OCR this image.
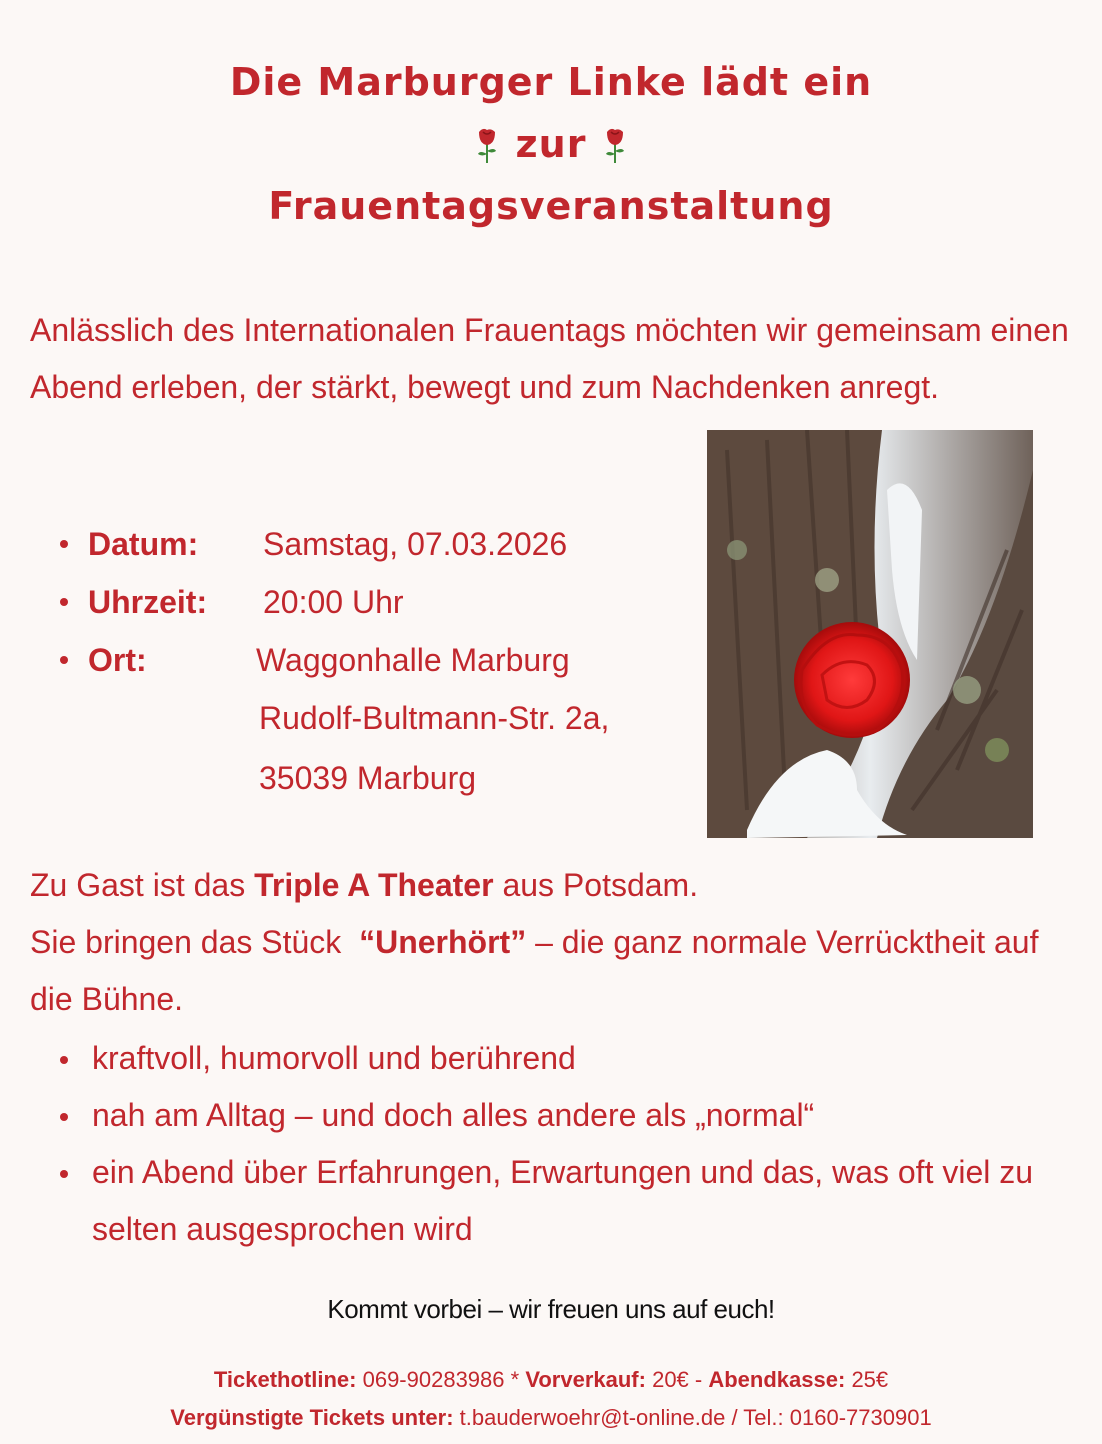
Die Marburger Linke lädt ein
zur
Frauentagsveranstaltung
Anlässlich des Internationalen Frauentags möchten wir gemeinsam einen Abend erleben, der stärkt, bewegt und zum Nachdenken anregt.
Datum: Samstag, 07.03.2026
Uhrzeit: 20:00 Uhr
Ort:	Waggonhalle Marburg
Rudolf-Bultmann-Str. 2a,
35039 Marburg
Zu Gast ist das Triple A Theater aus Potsdam.
Sie bringen das Stück “Unerhört” – die ganz normale Verrücktheit auf die Bühne.
kraftvoll, humorvoll und berührend
nah am Alltag – und doch alles andere als „normal“
ein Abend über Erfahrungen, Erwartungen und das, was oft viel zu selten ausgesprochen wird
Kommt vorbei – wir freuen uns auf euch!
Tickethotline: 069-90283986 * Vorverkauf: 20€ - Abendkasse: 25€
Vergünstigte Tickets unter: t.bauderwoehr@t-online.de / Tel.: 0160-7730901
